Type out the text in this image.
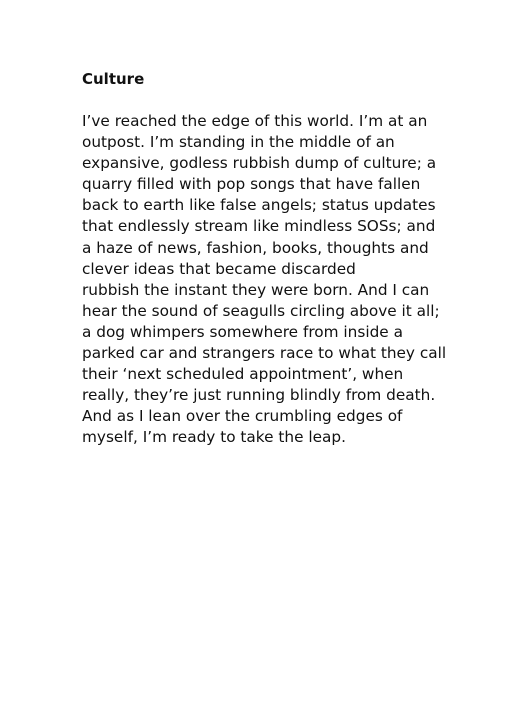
Culture

I’ve reached the edge of this world. I’m at an
outpost. I’m standing in the middle of an
expansive, godless rubbish dump of culture; a
quarry filled with pop songs that have fallen
back to earth like false angels; status updates
that endlessly stream like mindless SOSs; and
a haze of news, fashion, books, thoughts and
clever ideas that became discarded
rubbish the instant they were born. And I can
hear the sound of seagulls circling above it all;
a dog whimpers somewhere from inside a
parked car and strangers race to what they call
their ‘next scheduled appointment’, when
really, they’re just running blindly from death.
And as I lean over the crumbling edges of
myself, I’m ready to take the leap.
